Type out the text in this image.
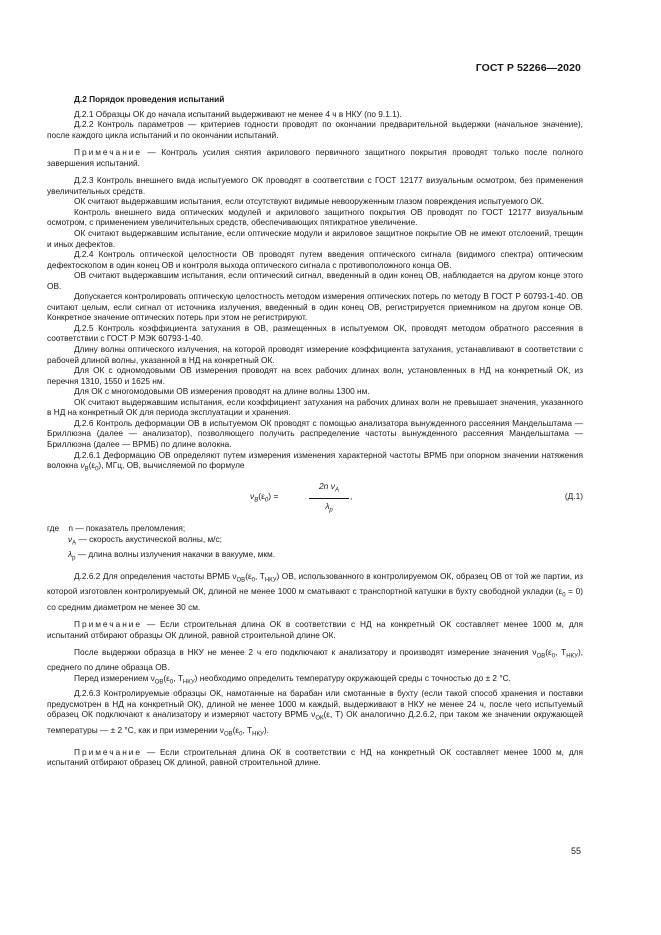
ГОСТ Р 52266—2020

Д.2 Порядок проведения испытаний

Д.2.1 Образцы ОК до начала испытаний выдерживают не менее 4 ч в НКУ (по 9.1.1).

Д.2.2 Контроль параметров — критериев годности проводят по окончании предварительной выдержки (начальное значение), после каждого цикла испытаний и по окончании испытаний.

Примечание — Контроль усилия снятия акрилового первичного защитного покрытия проводят только после полного завершения испытаний.

Д.2.3 Контроль внешнего вида испытуемого ОК проводят в соответствии с ГОСТ 12177 визуальным осмотром, без применения увеличительных средств.

ОК считают выдержавшим испытания, если отсутствуют видимые невооруженным глазом повреждения испытуемого ОК.

Контроль внешнего вида оптических модулей и акрилового защитного покрытия ОВ проводят по ГОСТ 12177 визуальным осмотром, с применением увеличительных средств, обеспечивающих пятикратное увеличение.

ОК считают выдержавшим испытание, если оптические модули и акриловое защитное покрытие ОВ не имеют отслоений, трещин и иных дефектов.

Д.2.4 Контроль оптической целостности ОВ проводят путем введения оптического сигнала (видимого спектра) оптическим дефектоскопом в один конец ОВ и контроля выхода оптического сигнала с противоположного конца ОВ.

ОВ считают выдержавшим испытания, если оптический сигнал, введенный в один конец ОВ, наблюдается на другом конце этого ОВ.

Допускается контролировать оптическую целостность методом измерения оптических потерь по методу В ГОСТ Р 60793-1-40. ОВ считают целым, если сигнал от источника излучения, введенный в один конец ОВ, регистрируется приемником на другом конце ОВ. Конкретное значение оптических потерь при этом не регистрируют.

Д.2.5 Контроль коэффициента затухания в ОВ, размещенных в испытуемом ОК, проводят методом обратного рассеяния в соответствии с ГОСТ Р МЭК 60793-1-40.

Длину волны оптического излучения, на которой проводят измерение коэффициента затухания, устанавливают в соответствии с рабочей длиной волны, указанной в НД на конкретный ОК.

Для ОК с одномодовыми ОВ измерения проводят на всех рабочих длинах волн, установленных в НД на конкретный ОК, из перечня 1310, 1550 и 1625 нм.

Для ОК с многомодовыми ОВ измерения проводят на длине волны 1300 нм.

ОК считают выдержавшим испытания, если коэффициент затухания на рабочих длинах волн не превышает значения, указанного в НД на конкретный ОК для периода эксплуатации и хранения.

Д.2.6 Контроль деформации ОВ в испытуемом ОК проводят с помощью анализатора вынужденного рассеяния Мандельштама — Бриллюэна (далее — анализатор), позволяющего получить распределение частоты вынужденного рассеяния Мандельштама — Бриллюэна (далее — ВРМБ) по длине волокна.

Д.2.6.1 Деформацию ОВ определяют путем измерения изменения характерной частоты ВРМБ при опорном значении натяжения волокна $\nu_B(\varepsilon_0)$, МГц, ОВ, вычисляемой по формуле

$\nu_B(\varepsilon_0)$ =	$\frac{2n \nu_A}{\lambda_p}$ ,	(Д.1)

где n — показатель преломления;

$\nu_A$ — скорость акустической волны, м/с;

$\lambda_p$ — длина волны излучения накачки в вакууме, мкм.

Д.2.6.2 Для определения частоты ВРМБ $\nu_{ОВ}(\varepsilon_0$, $T_{НКУ}$) ОВ, использованного в контролируемом ОК, образец ОВ от той же партии, из которой изготовлен контролируемый ОК, длиной не менее 1000 м сматывают с транспортной катушки в бухту свободной укладки $(\varepsilon_0 = 0)$ со средним диаметром не менее 30 см.

Примечание — Если строительная длина ОК в соответствии с НД на конкретный ОК составляет менее 1000 м, для испытаний отбирают образцы ОК длиной, равной строительной длине ОК.

После выдержки образца в НКУ не менее 2 ч его подключают к анализатору и производят измерение значения $\nu_{ОВ}(\varepsilon_0$, $T_{НКУ}$), среднего по длине образца ОВ.

Перед измерением $\nu_{ОВ}(\varepsilon_0$, $T_{НКУ}$) необходимо определить температуру окружающей среды с точностью до ± 2 °С.

Д.2.6.3 Контролируемые образцы ОК, намотанные на барабан или смотанные в бухту (если такой способ хранения и поставки предусмотрен в НД на конкретный ОК), длиной не менее 1000 м каждый, выдерживают в НКУ не менее 24 ч, после чего испытуемый образец ОК подключают к анализатору и измеряют частоту ВРМБ $\nu_{ОК}(\varepsilon$, T) ОК аналогично Д.2.6.2, при таком же значении окружающей температуры — ± 2 °С, как и при измерении $\nu_{ОВ}(\varepsilon_0$, $T_{НКУ}$).

Примечание — Если строительная длина ОК в соответствии с НД на конкретный ОК составляет менее 1000 м, для испытаний отбирают образец ОК длиной, равной строительной длине.

55
